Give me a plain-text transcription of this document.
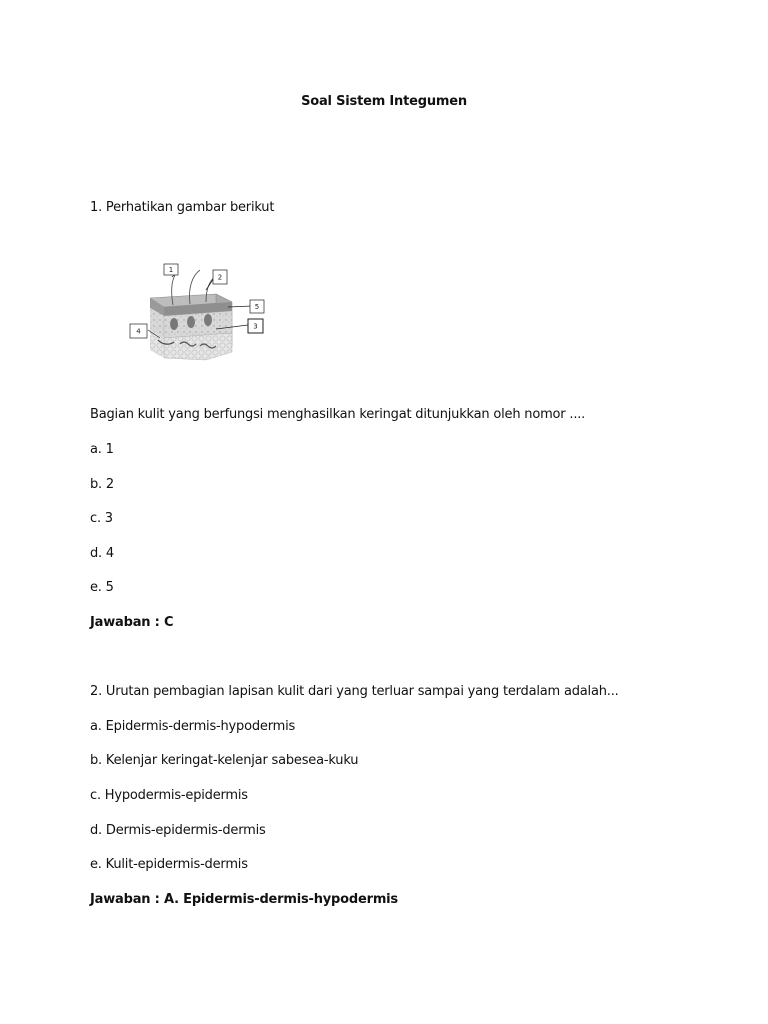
Soal Sistem Integumen
1. Perhatikan gambar berikut
1
2
5
3
4
Bagian kulit yang berfungsi menghasilkan keringat ditunjukkan oleh nomor ....
a. 1
b. 2
c. 3
d. 4
e. 5
Jawaban : C
2. Urutan pembagian lapisan kulit dari yang terluar sampai yang terdalam adalah...
a. Epidermis-dermis-hypodermis
b. Kelenjar keringat-kelenjar sabesea-kuku
c. Hypodermis-epidermis
d. Dermis-epidermis-dermis
e. Kulit-epidermis-dermis
Jawaban : A. Epidermis-dermis-hypodermis
